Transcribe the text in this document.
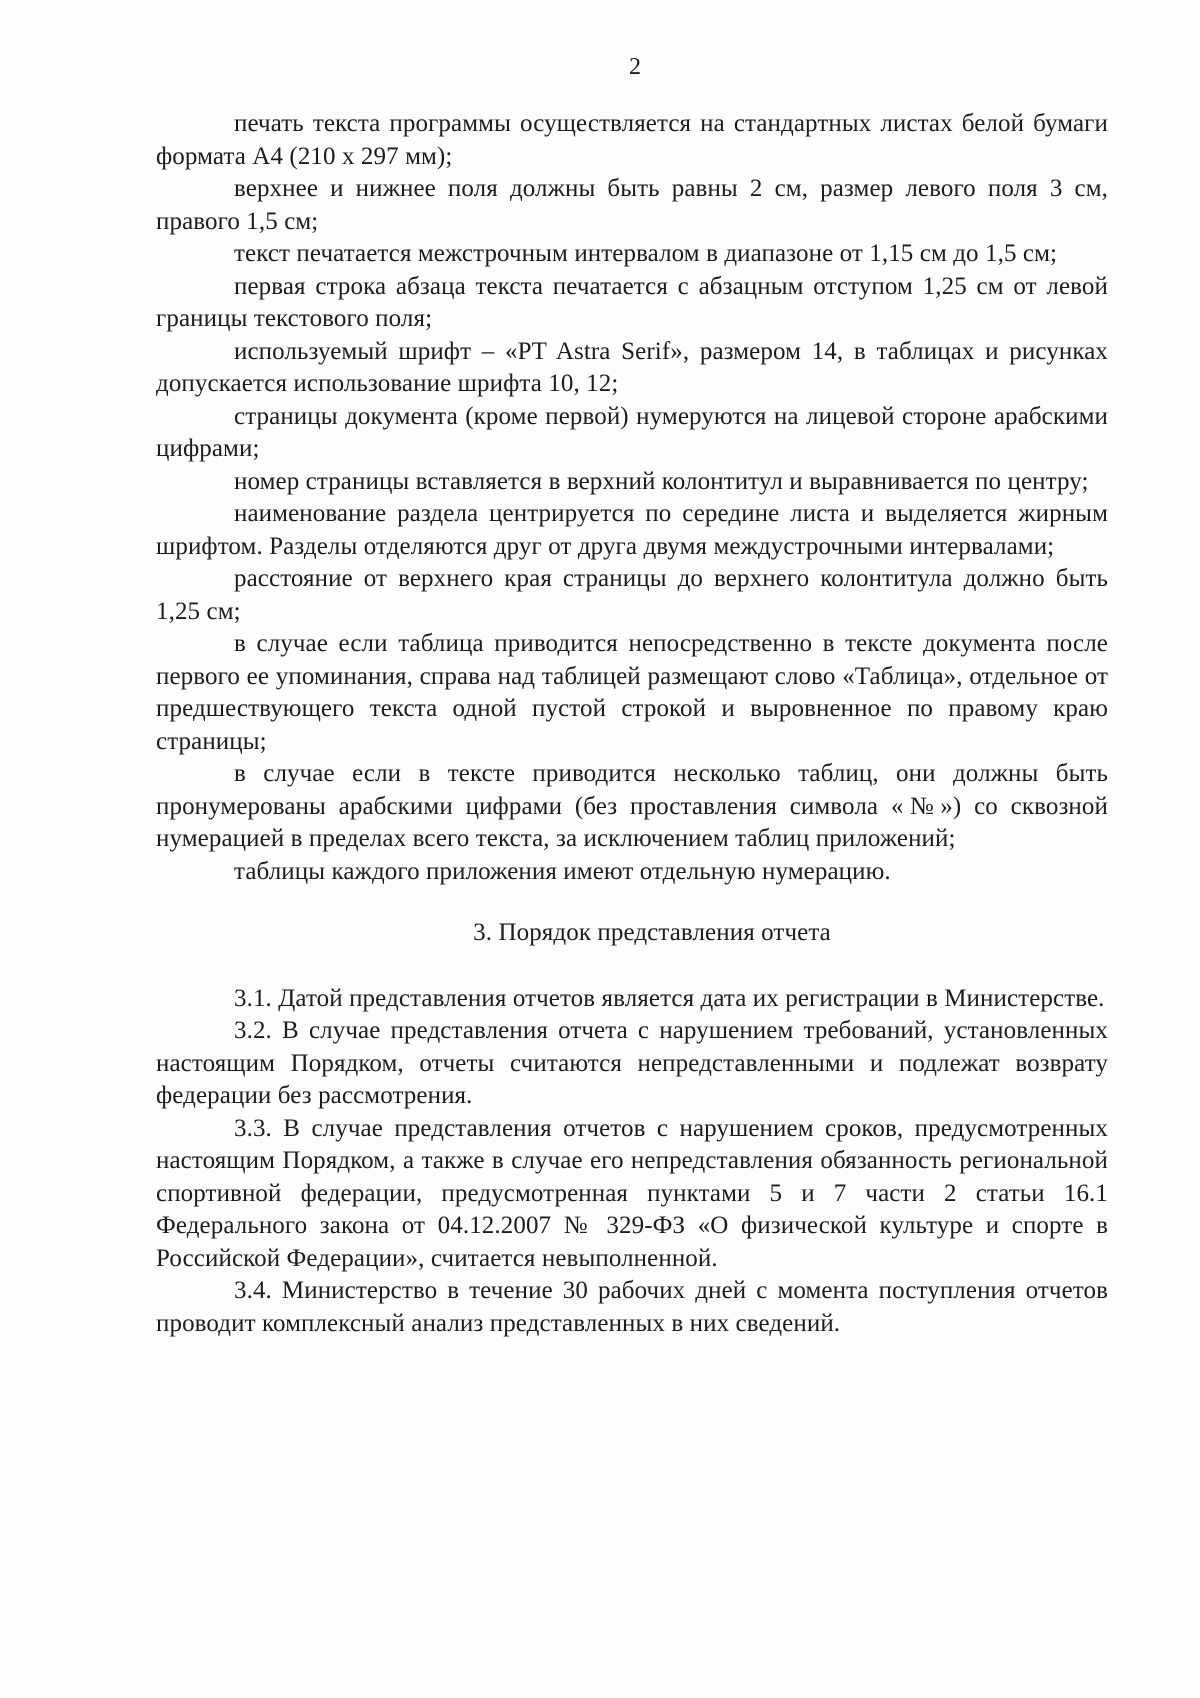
2

печать текста программы осуществляется на стандартных листах белой бумаги формата А4 (210 х 297 мм);

верхнее и нижнее поля должны быть равны 2 см, размер левого поля 3 см, правого 1,5 см;

текст печатается межстрочным интервалом в диапазоне от 1,15 см до 1,5 см;

первая строка абзаца текста печатается с абзацным отступом 1,25 см от левой границы текстового поля;

используемый шрифт – «PT Astra Serif», размером 14, в таблицах и рисунках допускается использование шрифта 10, 12;

страницы документа (кроме первой) нумеруются на лицевой стороне арабскими цифрами;

номер страницы вставляется в верхний колонтитул и выравнивается по центру;

наименование раздела центрируется по середине листа и выделяется жирным шрифтом. Разделы отделяются друг от друга двумя междустрочными интервалами;

расстояние от верхнего края страницы до верхнего колонтитула должно быть 1,25 см;

в случае если таблица приводится непосредственно в тексте документа после первого ее упоминания, справа над таблицей размещают слово «Таблица», отдельное от предшествующего текста одной пустой строкой и выровненное по правому краю страницы;

в случае если в тексте приводится несколько таблиц, они должны быть пронумерованы арабскими цифрами (без проставления символа «№») со сквозной нумерацией в пределах всего текста, за исключением таблиц приложений;

таблицы каждого приложения имеют отдельную нумерацию.

3. Порядок представления отчета

3.1. Датой представления отчетов является дата их регистрации в Министерстве.

3.2. В случае представления отчета с нарушением требований, установленных настоящим Порядком, отчеты считаются непредставленными и подлежат возврату федерации без рассмотрения.

3.3. В случае представления отчетов с нарушением сроков, предусмотренных настоящим Порядком, а также в случае его непредставления обязанность региональной спортивной федерации, предусмотренная пунктами 5 и 7 части 2 статьи 16.1 Федерального закона от 04.12.2007 № 329-ФЗ «О физической культуре и спорте в Российской Федерации», считается невыполненной.

3.4. Министерство в течение 30 рабочих дней с момента поступления отчетов проводит комплексный анализ представленных в них сведений.
